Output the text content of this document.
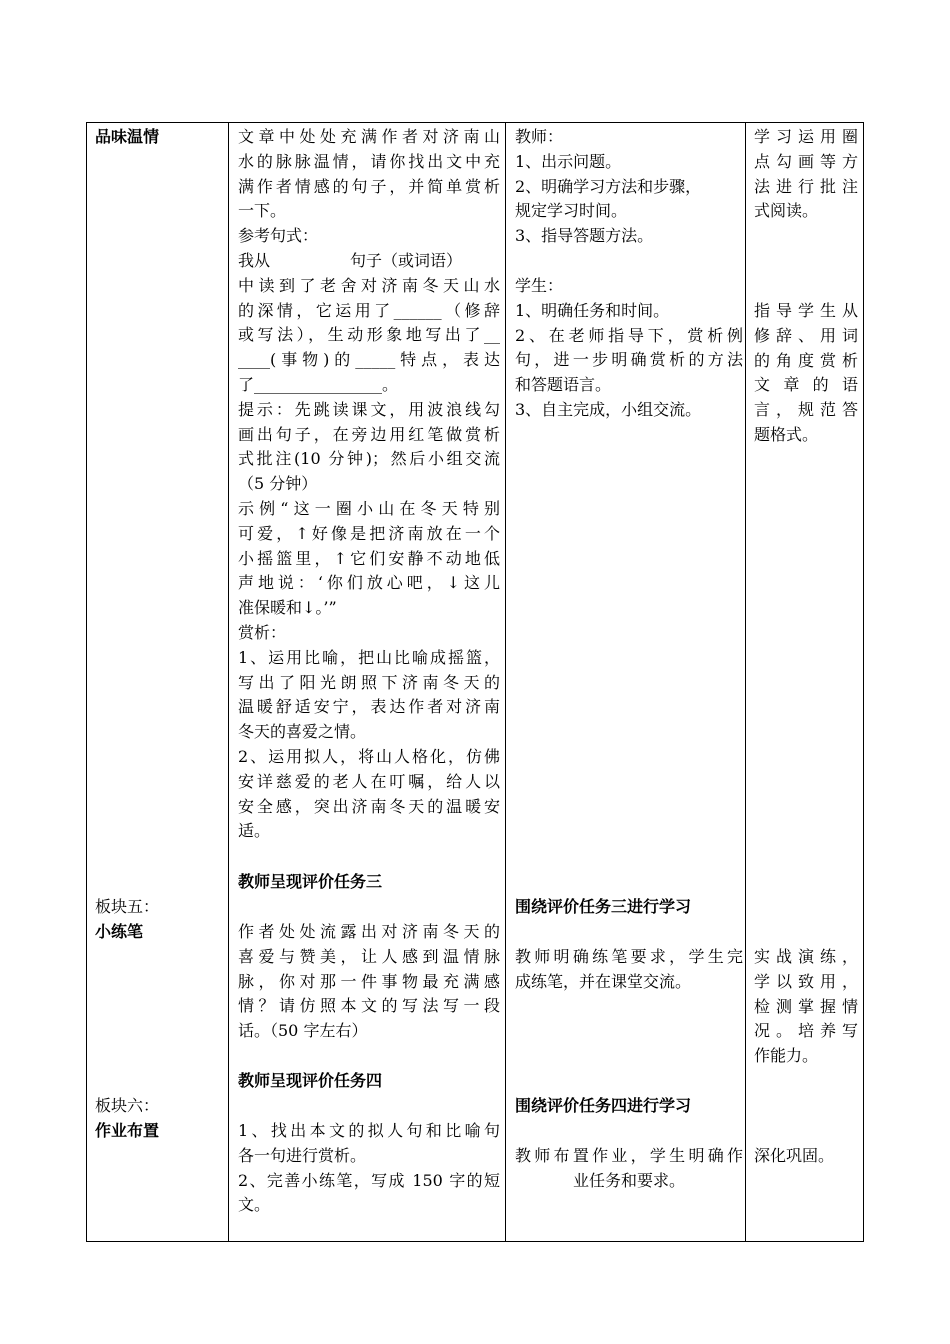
品味温情
板块五：
小练笔
板块六：
作业布置
文章中处处充满作者对济南山
水的脉脉温情，请你找出文中充
满作者情感的句子，并简单赏析
一下。
参考句式：
我从　　　　　句子（或词语）
中读到了老舍对济南冬天山水
的深情，它运用了______（修辞
或写法），生动形象地写出了__
____(事物)的_____特点，表达
了________________。
提示：先跳读课文，用波浪线勾
画出句子，在旁边用红笔做赏析
式批注(10 分钟)；然后小组交流
（5 分钟）
示例“这一圈小山在冬天特别
可爱，↑好像是把济南放在一个
小摇篮里，↑它们安静不动地低
声地说：‘你们放心吧，↓这儿
准保暖和↓。’”
赏析：
1、运用比喻，把山比喻成摇篮，
写出了阳光朗照下济南冬天的
温暖舒适安宁，表达作者对济南
冬天的喜爱之情。
2、运用拟人，将山人格化，仿佛
安详慈爱的老人在叮嘱，给人以
安全感，突出济南冬天的温暖安
适。
教师呈现评价任务三
作者处处流露出对济南冬天的
喜爱与赞美，让人感到温情脉
脉，你对那一件事物最充满感
情？请仿照本文的写法写一段
话。（50 字左右）
教师呈现评价任务四
1、找出本文的拟人句和比喻句
各一句进行赏析。
2、完善小练笔，写成 150 字的短
文。
教师：
1、出示问题。
2、明确学习方法和步骤，
规定学习时间。
3、指导答题方法。
学生：
1、明确任务和时间。
2、在老师指导下，赏析例
句，进一步明确赏析的方法
和答题语言。
3、自主完成，小组交流。
围绕评价任务三进行学习
教师明确练笔要求，学生完
成练笔，并在课堂交流。
围绕评价任务四进行学习
教师布置作业，学生明确作
业任务和要求。
学习运用圈
点勾画等方
法进行批注
式阅读。
指导学生从
修辞、用词
的角度赏析
文 章 的 语
言，规范答
题格式。
实战演练，
学以致用，
检测掌握情
况。培养写
作能力。
深化巩固。
